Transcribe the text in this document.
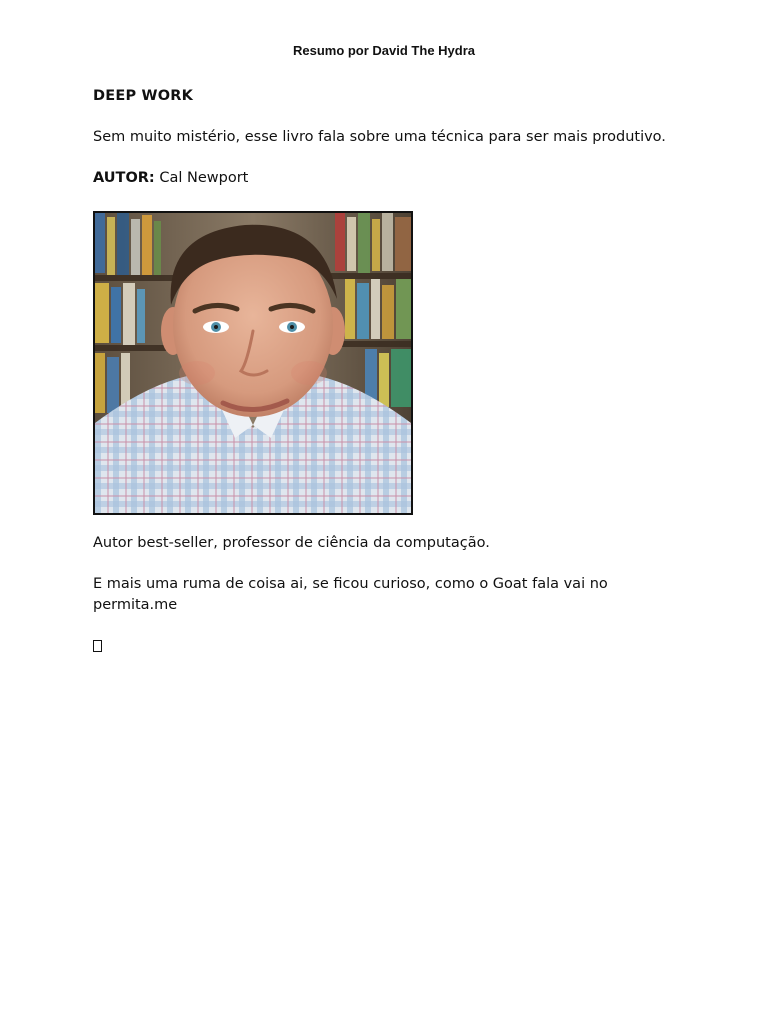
Resumo por David The Hydra
DEEP WORK
Sem muito mistério, esse livro fala sobre uma técnica para ser mais produtivo.
AUTOR: Cal Newport
Autor best-seller, professor de ciência da computação.
E mais uma ruma de coisa ai, se ficou curioso, como o Goat fala vai no permita.me
